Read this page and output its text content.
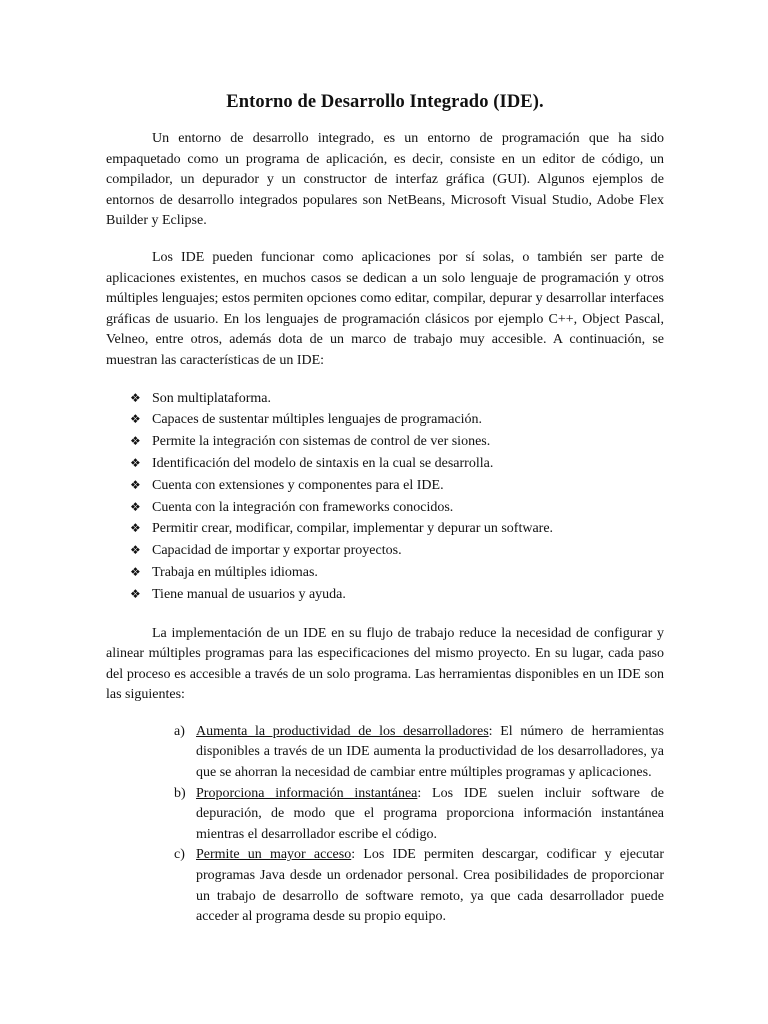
Entorno de Desarrollo Integrado (IDE).

Un entorno de desarrollo integrado, es un entorno de programación que ha sido empaquetado como un programa de aplicación, es decir, consiste en un editor de código, un compilador, un depurador y un constructor de interfaz gráfica (GUI). Algunos ejemplos de entornos de desarrollo integrados populares son NetBeans, Microsoft Visual Studio, Adobe Flex Builder y Eclipse.

Los IDE pueden funcionar como aplicaciones por sí solas, o también ser parte de aplicaciones existentes, en muchos casos se dedican a un solo lenguaje de programación y otros múltiples lenguajes; estos permiten opciones como editar, compilar, depurar y desarrollar interfaces gráficas de usuario. En los lenguajes de programación clásicos por ejemplo C++, Object Pascal, Velneo, entre otros, además dota de un marco de trabajo muy accesible. A continuación, se muestran las características de un IDE:

❖ Son multiplataforma.
❖ Capaces de sustentar múltiples lenguajes de programación.
❖ Permite la integración con sistemas de control de ver siones.
❖ Identificación del modelo de sintaxis en la cual se desarrolla.
❖ Cuenta con extensiones y componentes para el IDE.
❖ Cuenta con la integración con frameworks conocidos.
❖ Permitir crear, modificar, compilar, implementar y depurar un software.
❖ Capacidad de importar y exportar proyectos.
❖ Trabaja en múltiples idiomas.
❖ Tiene manual de usuarios y ayuda.

La implementación de un IDE en su flujo de trabajo reduce la necesidad de configurar y alinear múltiples programas para las especificaciones del mismo proyecto. En su lugar, cada paso del proceso es accesible a través de un solo programa. Las herramientas disponibles en un IDE son las siguientes:

a) Aumenta la productividad de los desarrolladores: El número de herramientas disponibles a través de un IDE aumenta la productividad de los desarrolladores, ya que se ahorran la necesidad de cambiar entre múltiples programas y aplicaciones.
b) Proporciona información instantánea: Los IDE suelen incluir software de depuración, de modo que el programa proporciona información instantánea mientras el desarrollador escribe el código.
c) Permite un mayor acceso: Los IDE permiten descargar, codificar y ejecutar programas Java desde un ordenador personal. Crea posibilidades de proporcionar un trabajo de desarrollo de software remoto, ya que cada desarrollador puede acceder al programa desde su propio equipo.
